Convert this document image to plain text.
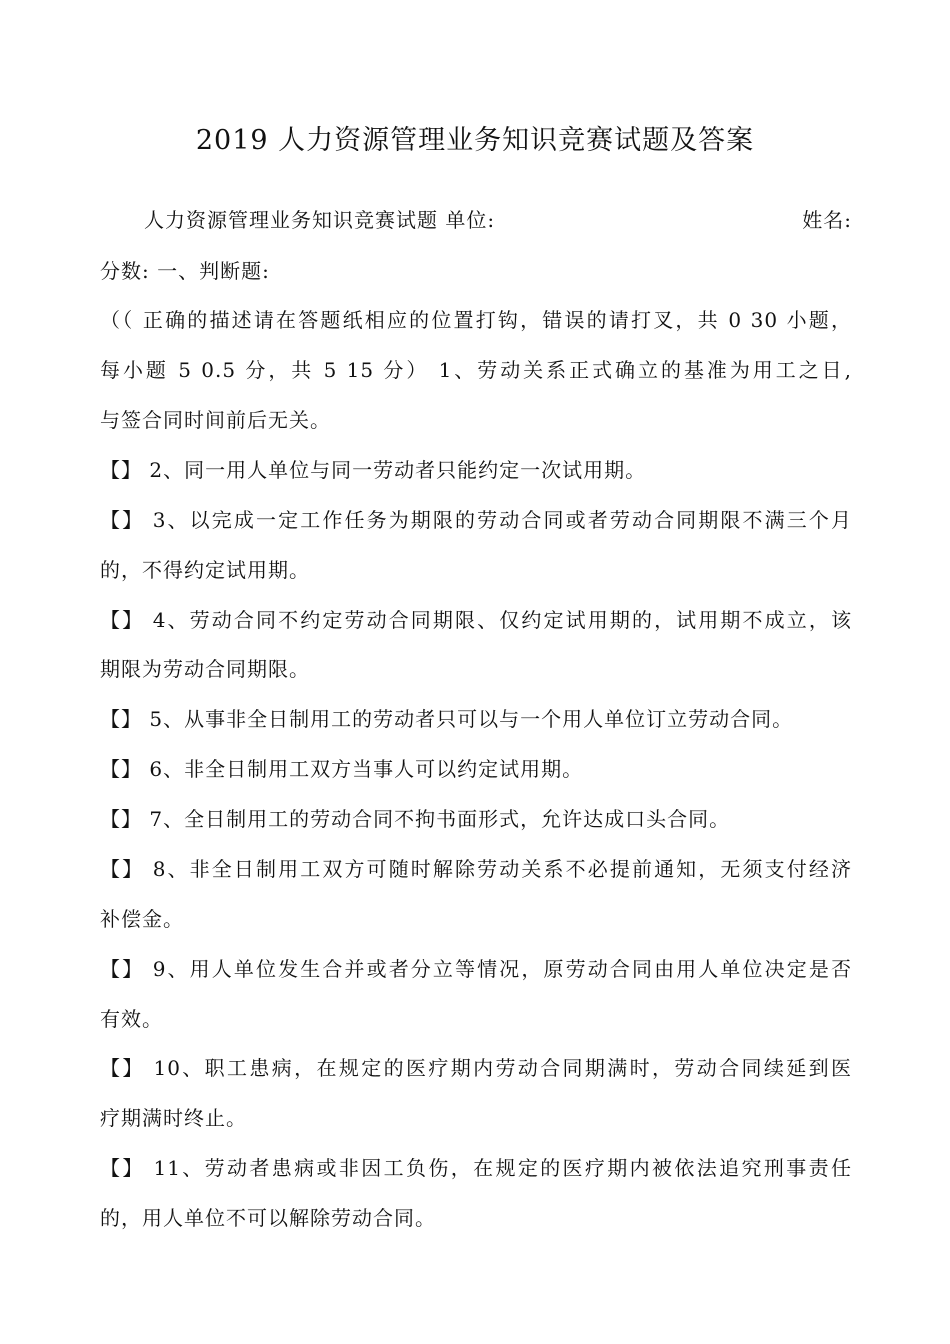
2019 人力资源管理业务知识竞赛试题及答案
人力资源管理业务知识竞赛试题 单位:	姓名:
分数: 一、判断题:
（（ 正确的描述请在答题纸相应的位置打钩，错误的请打叉，共 0 30 小题，
每小题 5 0.5 分，共 5 15 分） 1、劳动关系正式确立的基准为用工之日,
与签合同时间前后无关。
【】 2、同一用人单位与同一劳动者只能约定一次试用期。
【】 3、以完成一定工作任务为期限的劳动合同或者劳动合同期限不满三个月
的，不得约定试用期。
【】 4、劳动合同不约定劳动合同期限、仅约定试用期的，试用期不成立，该
期限为劳动合同期限。
【】 5、从事非全日制用工的劳动者只可以与一个用人单位订立劳动合同。
【】 6、非全日制用工双方当事人可以约定试用期。
【】 7、全日制用工的劳动合同不拘书面形式，允许达成口头合同。
【】 8、非全日制用工双方可随时解除劳动关系不必提前通知，无须支付经济
补偿金。
【】 9、用人单位发生合并或者分立等情况，原劳动合同由用人单位决定是否
有效。
【】 10、职工患病，在规定的医疗期内劳动合同期满时，劳动合同续延到医
疗期满时终止。
【】 11、劳动者患病或非因工负伤，在规定的医疗期内被依法追究刑事责任
的，用人单位不可以解除劳动合同。
